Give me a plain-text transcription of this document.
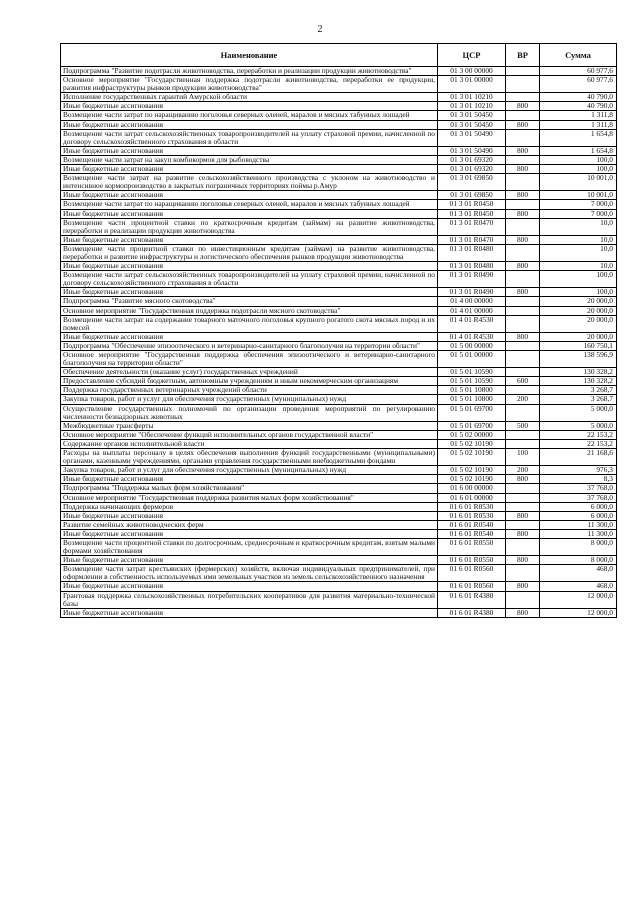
2
Наименование	ЦСР	ВР	Сумма
Подпрограмма "Развитие подотрасли животноводства, переработки и реализации продукции животноводства"	01 3 00 00000		60 977,6
Основное мероприятие "Государственная поддержка подотрасли животноводства, переработки ее продукции, развития инфраструктуры рынков продукции животноводства"	01 3 01 00000		60 977,6
Исполнение государственных гарантий Амурской области	01 3 01 10210		40 790,0
Иные бюджетные ассигнования	01 3 01 10210	800	40 790,0
Возмещение части затрат по наращиванию поголовья северных оленей, маралов и мясных табунных лошадей	01 3 01 50450		1 311,8
Иные бюджетные ассигнования	01 3 01 50450	800	1 311,8
Возмещение части затрат сельскохозяйственных товаропроизводителей на уплату страховой премии, начисленной по договору сельскохозяйственного страхования в области	01 3 01 50490		1 654,8
Иные бюджетные ассигнования	01 3 01 50490	800	1 654,8
Возмещение части затрат на закуп комбикормов для рыбоводства	01 3 01 69320		100,0
Иные бюджетные ассигнования	01 3 01 69320	800	100,0
Возмещение части затрат на развитие сельскохозяйственного производства с уклоном на животноводство и интенсивное кормопроизводство в закрытых пограничных территориях поймы р.Амур	01 3 01 69850		10 001,0
Иные бюджетные ассигнования	01 3 01 69850	800	10 001,0
Возмещение части затрат по наращиванию поголовья северных оленей, маралов и мясных табунных лошадей	01 3 01 R0450		7 000,0
Иные бюджетные ассигнования	01 3 01 R0450	800	7 000,0
Возмещение части процентной ставки по краткосрочным кредитам (займам) на развитие животноводства, переработки и реализации продукции животноводства	01 3 01 R0470		10,0
Иные бюджетные ассигнования	01 3 01 R0470	800	10,0
Возмещение части процентной ставки по инвестиционным кредитам (займам) на развитие животноводства, переработки и развитие инфраструктуры и логистического обеспечения рынков продукции животноводства	01 3 01 R0480		10,0
Иные бюджетные ассигнования	01 3 01 R0480	800	10,0
Возмещение части затрат сельскохозяйственных товаропроизводителей на уплату страховой премии, начисленной по договору сельскохозяйственного страхования в области	01 3 01 R0490		100,0
Иные бюджетные ассигнования	01 3 01 R0490	800	100,0
Подпрограмма "Развитие мясного скотоводства"	01 4 00 00000		20 000,0
Основное мероприятие "Государственная поддержка подотрасли мясного скотоводства"	01 4 01 00000		20 000,0
Возмещение части затрат на содержание товарного маточного поголовья крупного рогатого скота мясных пород и их помесей	01 4 01 R4530		20 000,0
Иные бюджетные ассигнования	01 4 01 R4530	800	20 000,0
Подпрограмма "Обеспечение эпизоотического и ветеринарно-санитарного благополучия на территории области"	01 5 00 00000		160 750,1
Основное мероприятие "Государственная поддержка обеспечения эпизоотического и ветеринарно-санитарного благополучия на территории области"	01 5 01 00000		138 596,9
Обеспечение деятельности (оказание услуг) государственных учреждений	01 5 01 10590		130 328,2
Предоставление субсидий бюджетным, автономным учреждениям и иным некоммерческим организациям	01 5 01 10590	600	130 328,2
Поддержка государственных ветеринарных учреждений области	01 5 01 10800		3 268,7
Закупка товаров, работ и услуг для обеспечения государственных (муниципальных) нужд	01 5 01 10800	200	3 268,7
Осуществление государственных полномочий по организации проведения мероприятий по регулированию численности безнадзорных животных	01 5 01 69700		5 000,0
Межбюджетные трансферты	01 5 01 69700	500	5 000,0
Основное мероприятие "Обеспечение функций исполнительных органов государственной власти"	01 5 02 00000		22 153,2
Содержание органов исполнительной власти	01 5 02 10190		22 153,2
Расходы на выплаты персоналу в целях обеспечения выполнения функций государственными (муниципальными) органами, казенными учреждениями, органами управления государственными внебюджетными фондами	01 5 02 10190	100	21 168,6
Закупка товаров, работ и услуг для обеспечения государственных (муниципальных) нужд	01 5 02 10190	200	976,3
Иные бюджетные ассигнования	01 5 02 10190	800	8,3
Подпрограмма "Поддержка малых форм хозяйствования"	01 6 00 00000		37 768,0
Основное мероприятие "Государственная поддержка развития малых форм хозяйствования"	01 6 01 00000		37 768,0
Поддержка начинающих фермеров	01 6 01 R0530		6 000,0
Иные бюджетные ассигнования	01 6 01 R0530	800	6 000,0
Развитие семейных животноводческих ферм	01 6 01 R0540		11 300,0
Иные бюджетные ассигнования	01 6 01 R0540	800	11 300,0
Возмещение части процентной ставки по долгосрочным, среднесрочным и краткосрочным кредитам, взятым малыми формами хозяйствования	01 6 01 R0550		8 000,0
Иные бюджетные ассигнования	01 6 01 R0550	800	8 000,0
Возмещение части затрат крестьянских (фермерских) хозяйств, включая индивидуальных предпринимателей, при оформлении в собственность используемых ими земельных участков из земель сельскохозяйственного назначения	01 6 01 R0560		468,0
Иные бюджетные ассигнования	01 6 01 R0560	800	468,0
Грантовая поддержка сельскохозяйственных потребительских кооперативов для развития материально-технической базы	01 6 01 R4380		12 000,0
Иные бюджетные ассигнования	01 6 01 R4380	800	12 000,0
